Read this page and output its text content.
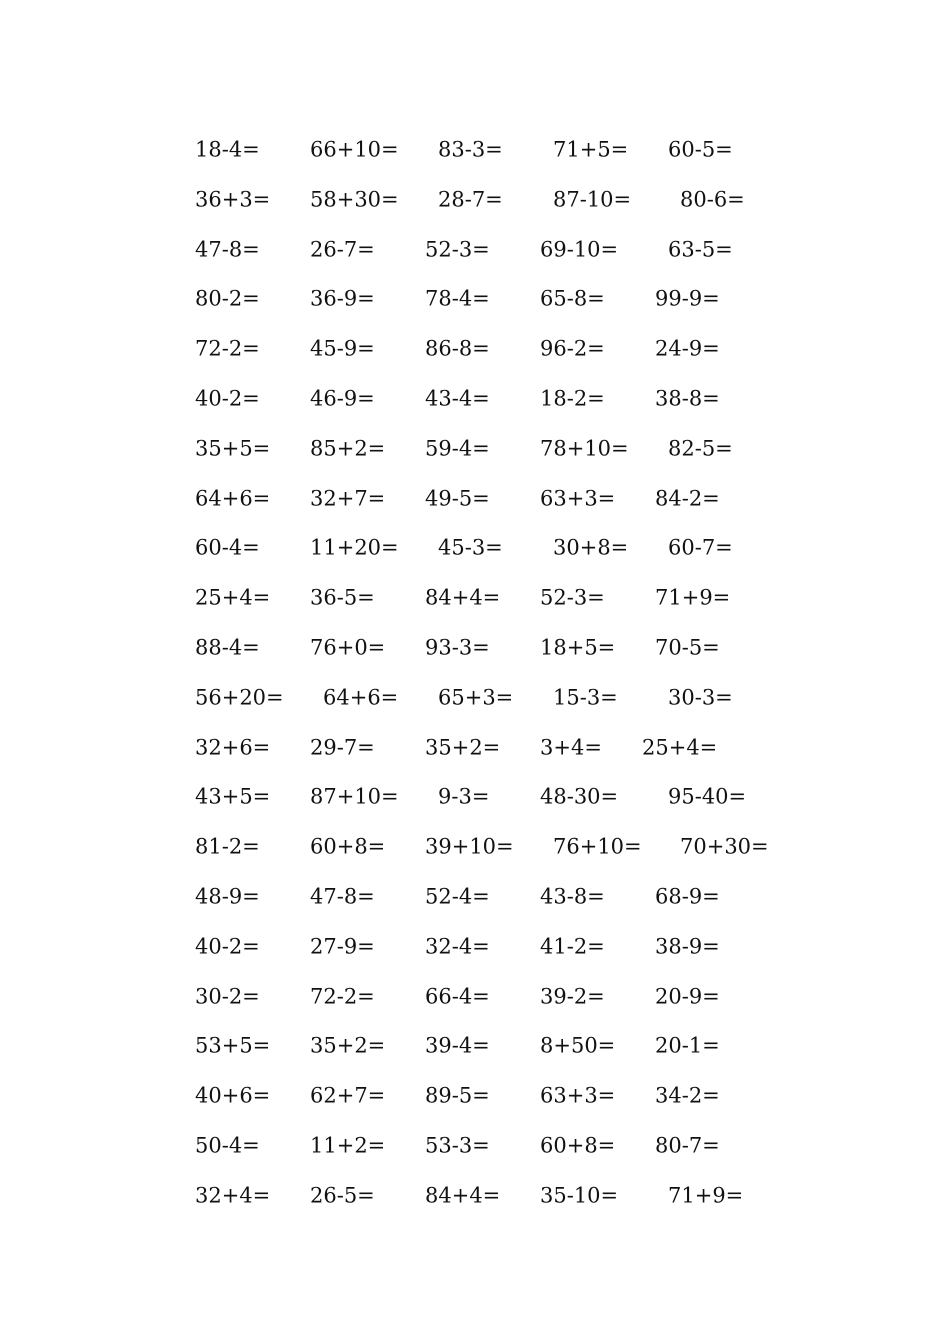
18-4= 66+10= 83-3= 71+5= 60-5=
36+3= 58+30= 28-7= 87-10= 80-6=
47-8= 26-7= 52-3= 69-10= 63-5=
80-2= 36-9= 78-4= 65-8= 99-9=
72-2= 45-9= 86-8= 96-2= 24-9=
40-2= 46-9= 43-4= 18-2= 38-8=
35+5= 85+2= 59-4= 78+10= 82-5=
64+6= 32+7= 49-5= 63+3= 84-2=
60-4= 11+20= 45-3= 30+8= 60-7=
25+4= 36-5= 84+4= 52-3= 71+9=
88-4= 76+0= 93-3= 18+5= 70-5=
56+20= 64+6= 65+3= 15-3= 30-3=
32+6= 29-7= 35+2= 3+4= 25+4=
43+5= 87+10= 9-3= 48-30= 95-40=
81-2= 60+8= 39+10= 76+10= 70+30=
48-9= 47-8= 52-4= 43-8= 68-9=
40-2= 27-9= 32-4= 41-2= 38-9=
30-2= 72-2= 66-4= 39-2= 20-9=
53+5= 35+2= 39-4= 8+50= 20-1=
40+6= 62+7= 89-5= 63+3= 34-2=
50-4= 11+2= 53-3= 60+8= 80-7=
32+4= 26-5= 84+4= 35-10= 71+9=
